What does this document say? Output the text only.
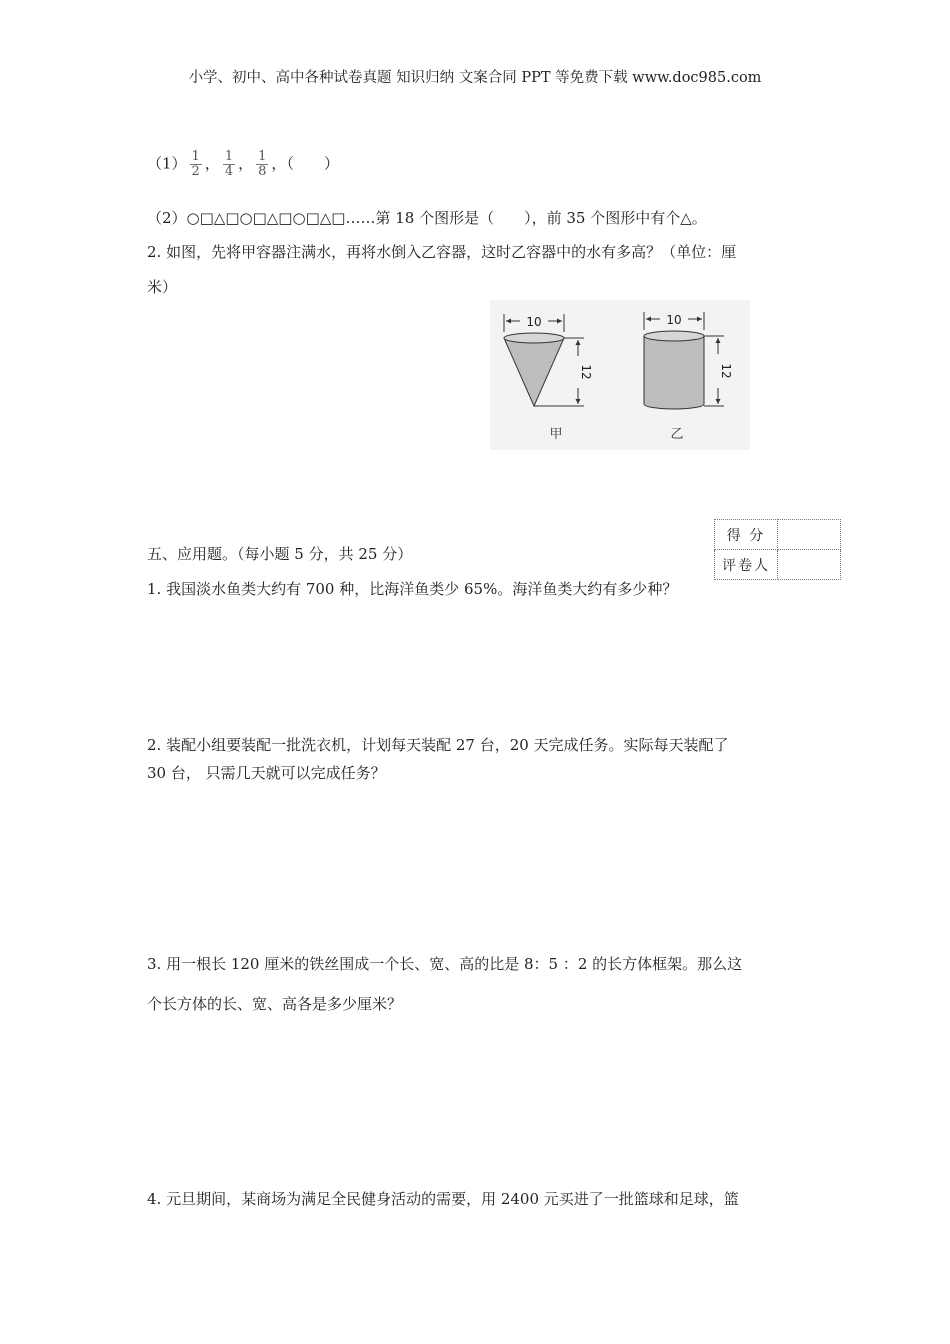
小学、初中、高中各种试卷真题 知识归纳 文案合同 PPT 等免费下载 www.doc985.com
$(1) \frac{1}{2}$ ， $\frac{1}{4}$ ， $\frac{1}{8}$ ，（　　）
（2）○□△□○□△□○□△□……第 18 个图形是（　　），前 35 个图形中有个△。
2. 如图，先将甲容器注满水，再将水倒入乙容器，这时乙容器中的水有多高？（单位：厘
米）
10
12
甲
10
12
乙
得 分	
评卷人	
五、应用题。（每小题 5 分，共 25 分）
1. 我国淡水鱼类大约有 700 种，比海洋鱼类少 65%。海洋鱼类大约有多少种？
2. 装配小组要装配一批洗衣机，计划每天装配 27 台，20 天完成任务。实际每天装配了
30 台， 只需几天就可以完成任务？
3. 用一根长 120 厘米的铁丝围成一个长、宽、高的比是 8：5 ：2 的长方体框架。那么这
个长方体的长、宽、高各是多少厘米？
4. 元旦期间，某商场为满足全民健身活动的需要，用 2400 元买进了一批篮球和足球，篮
